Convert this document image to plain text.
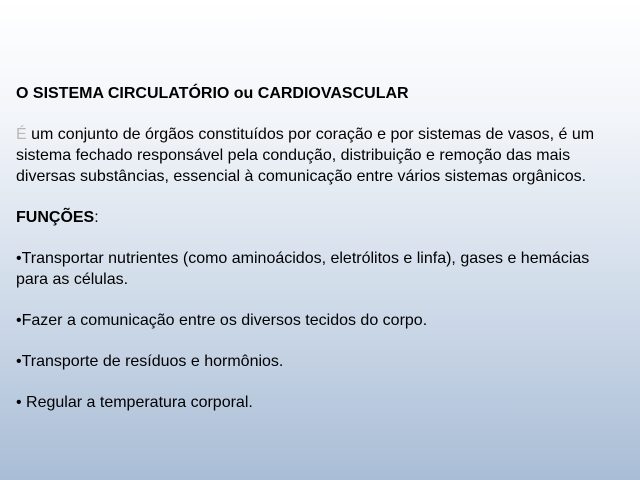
O SISTEMA CIRCULATÓRIO ou CARDIOVASCULAR
É um conjunto de órgãos constituídos por coração e por sistemas de vasos, é um sistema fechado responsável pela condução, distribuição e remoção das mais diversas substâncias, essencial à comunicação entre vários sistemas orgânicos.
FUNÇÕES:
•Transportar nutrientes (como aminoácidos, eletrólitos e linfa), gases e hemácias para as células.
•Fazer a comunicação entre os diversos tecidos do corpo.
•Transporte de resíduos e hormônios.
• Regular a temperatura corporal.
